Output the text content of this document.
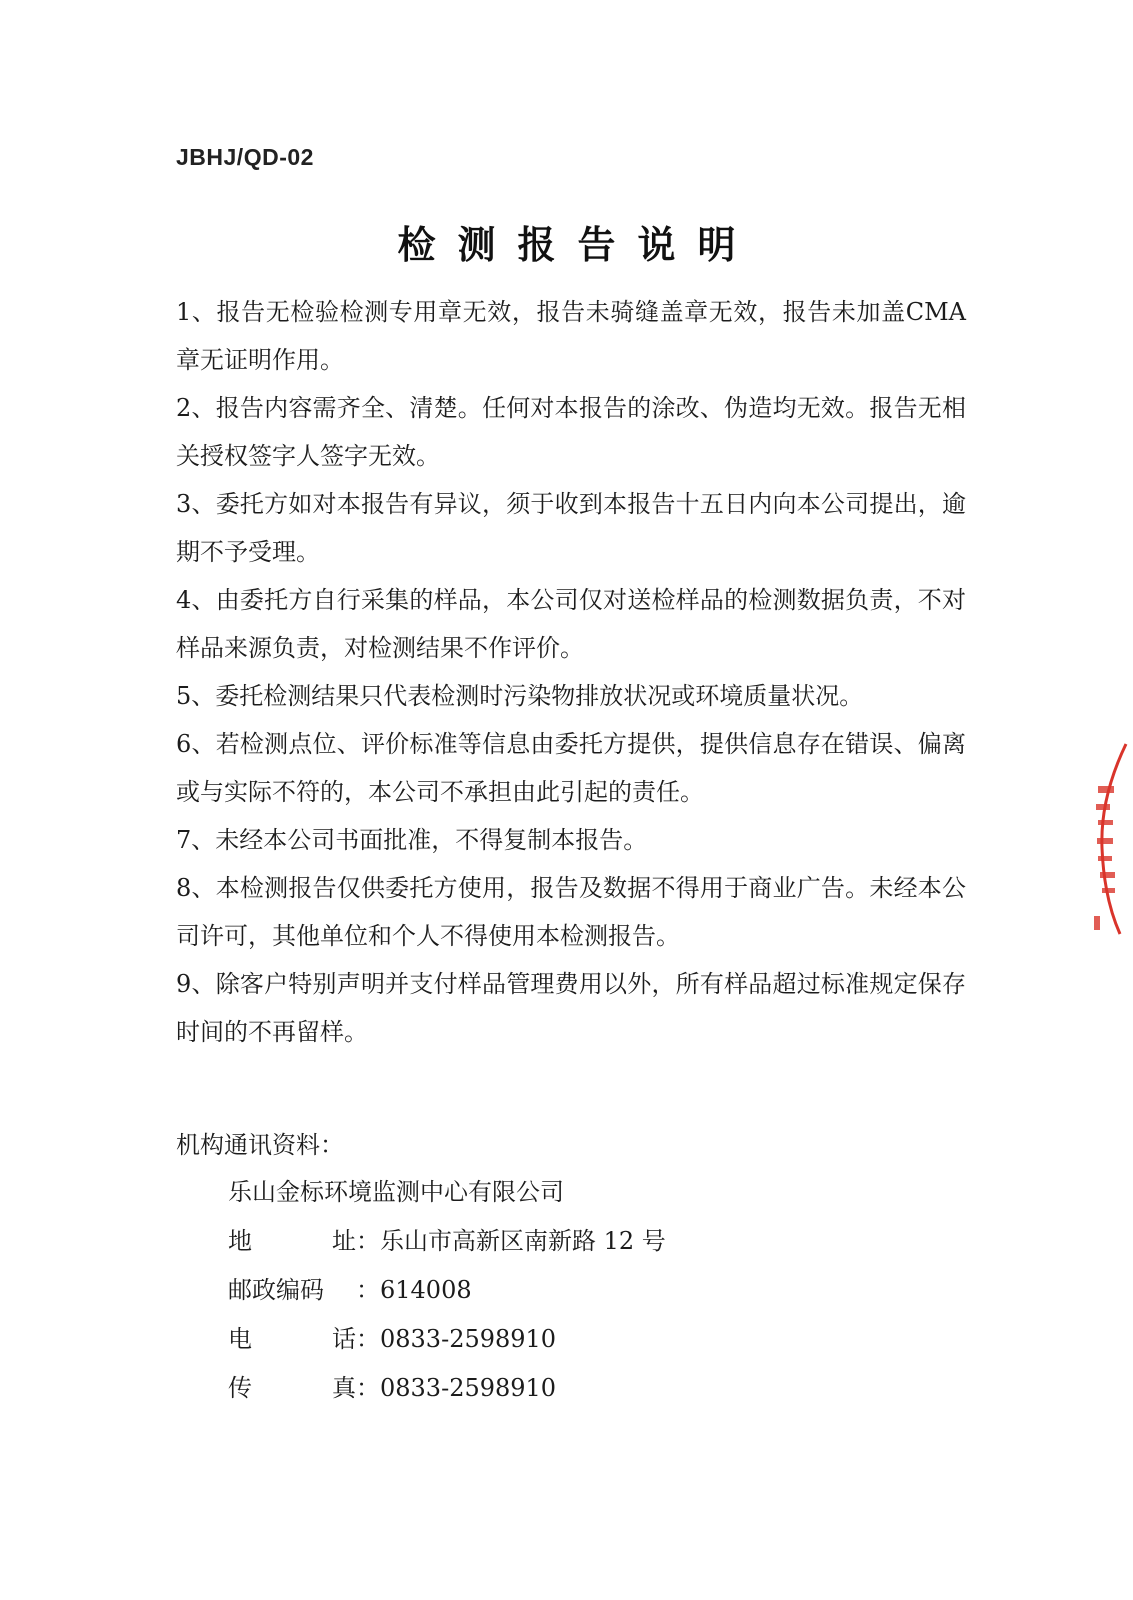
JBHJ/QD-02
检测报告说明
1、报告无检验检测专用章无效，报告未骑缝盖章无效，报告未加盖CMA 章无证明作用。
2、报告内容需齐全、清楚。任何对本报告的涂改、伪造均无效。报告无相关授权签字人签字无效。
3、委托方如对本报告有异议，须于收到本报告十五日内向本公司提出，逾期不予受理。
4、由委托方自行采集的样品，本公司仅对送检样品的检测数据负责，不对样品来源负责，对检测结果不作评价。
5、委托检测结果只代表检测时污染物排放状况或环境质量状况。
6、若检测点位、评价标准等信息由委托方提供，提供信息存在错误、偏离或与实际不符的，本公司不承担由此引起的责任。
7、未经本公司书面批准，不得复制本报告。
8、本检测报告仅供委托方使用，报告及数据不得用于商业广告。未经本公司许可，其他单位和个人不得使用本检测报告。
9、除客户特别声明并支付样品管理费用以外，所有样品超过标准规定保存时间的不再留样。
机构通讯资料：
乐山金标环境监测中心有限公司
地	址 ： 乐山市高新区南新路 12 号
邮政编码	： 614008
电	话 ： 0833-2598910
传	真 ： 0833-2598910
